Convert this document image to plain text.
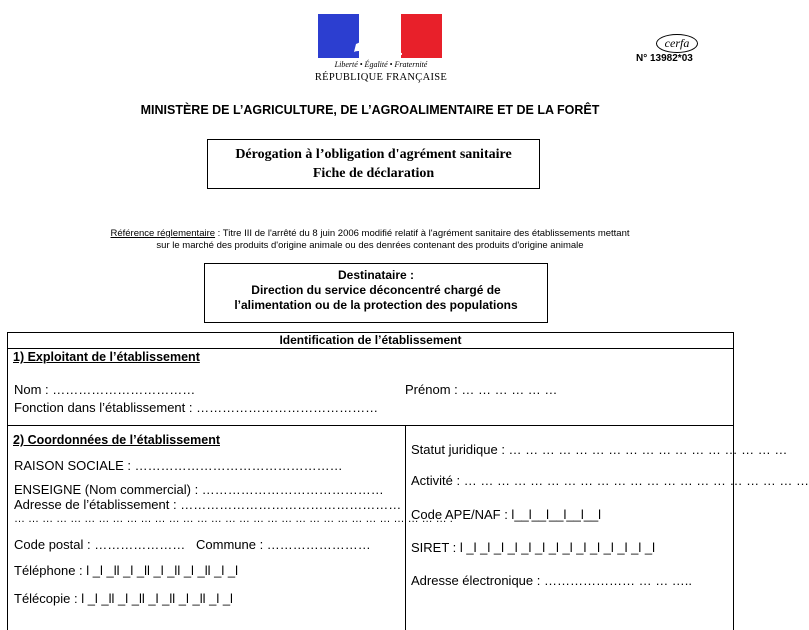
Liberté • Égalité • Fraternité
RÉPUBLIQUE FRANÇAISE
cerfa
N° 13982*03
MINISTÈRE DE L’AGRICULTURE, DE L’AGROALIMENTAIRE ET DE LA FORÊT
Dérogation à l’obligation d'agrément sanitaire
Fiche de déclaration
Référence réglementaire : Titre III de l'arrêté du 8 juin 2006 modifié relatif à l'agrément sanitaire des établissements mettant
sur le marché des produits d'origine animale ou des denrées contenant des produits d'origine animale
Destinataire :
Direction du service déconcentré chargé de
l’alimentation ou de la protection des populations
Identification de l’établissement
1) Exploitant de l’établissement
Nom : ……………………………	Prénom : … … … … … …
Fonction dans l’établissement : ……………………………………
2) Coordonnées de l’établissement
RAISON SOCIALE : …………………………………………
ENSEIGNE (Nom commercial) : ……………………………………
Adresse de l’établissement : ……………………………………………
… … … … … … … … … … … … … … … … … … … … … … … … … … … … … … … .
Code postal : ………………… Commune : ……………………
Téléphone : l _l _ll _l _ll _l _ll _l _ll _l _l
Télécopie : l _l _ll _l _ll _l _ll _l _ll _l _l
Statut juridique : … … … … … … … … … … … … … … … … …
Activité : … … … … … … … … … … … … … … … … … … … … …
Code APE/NAF : l__l__l__l__l__l
SIRET : l _l _l _l _l _l _l _l _l _l _l _l _l _l _l
Adresse électronique : ………………… … … …..
